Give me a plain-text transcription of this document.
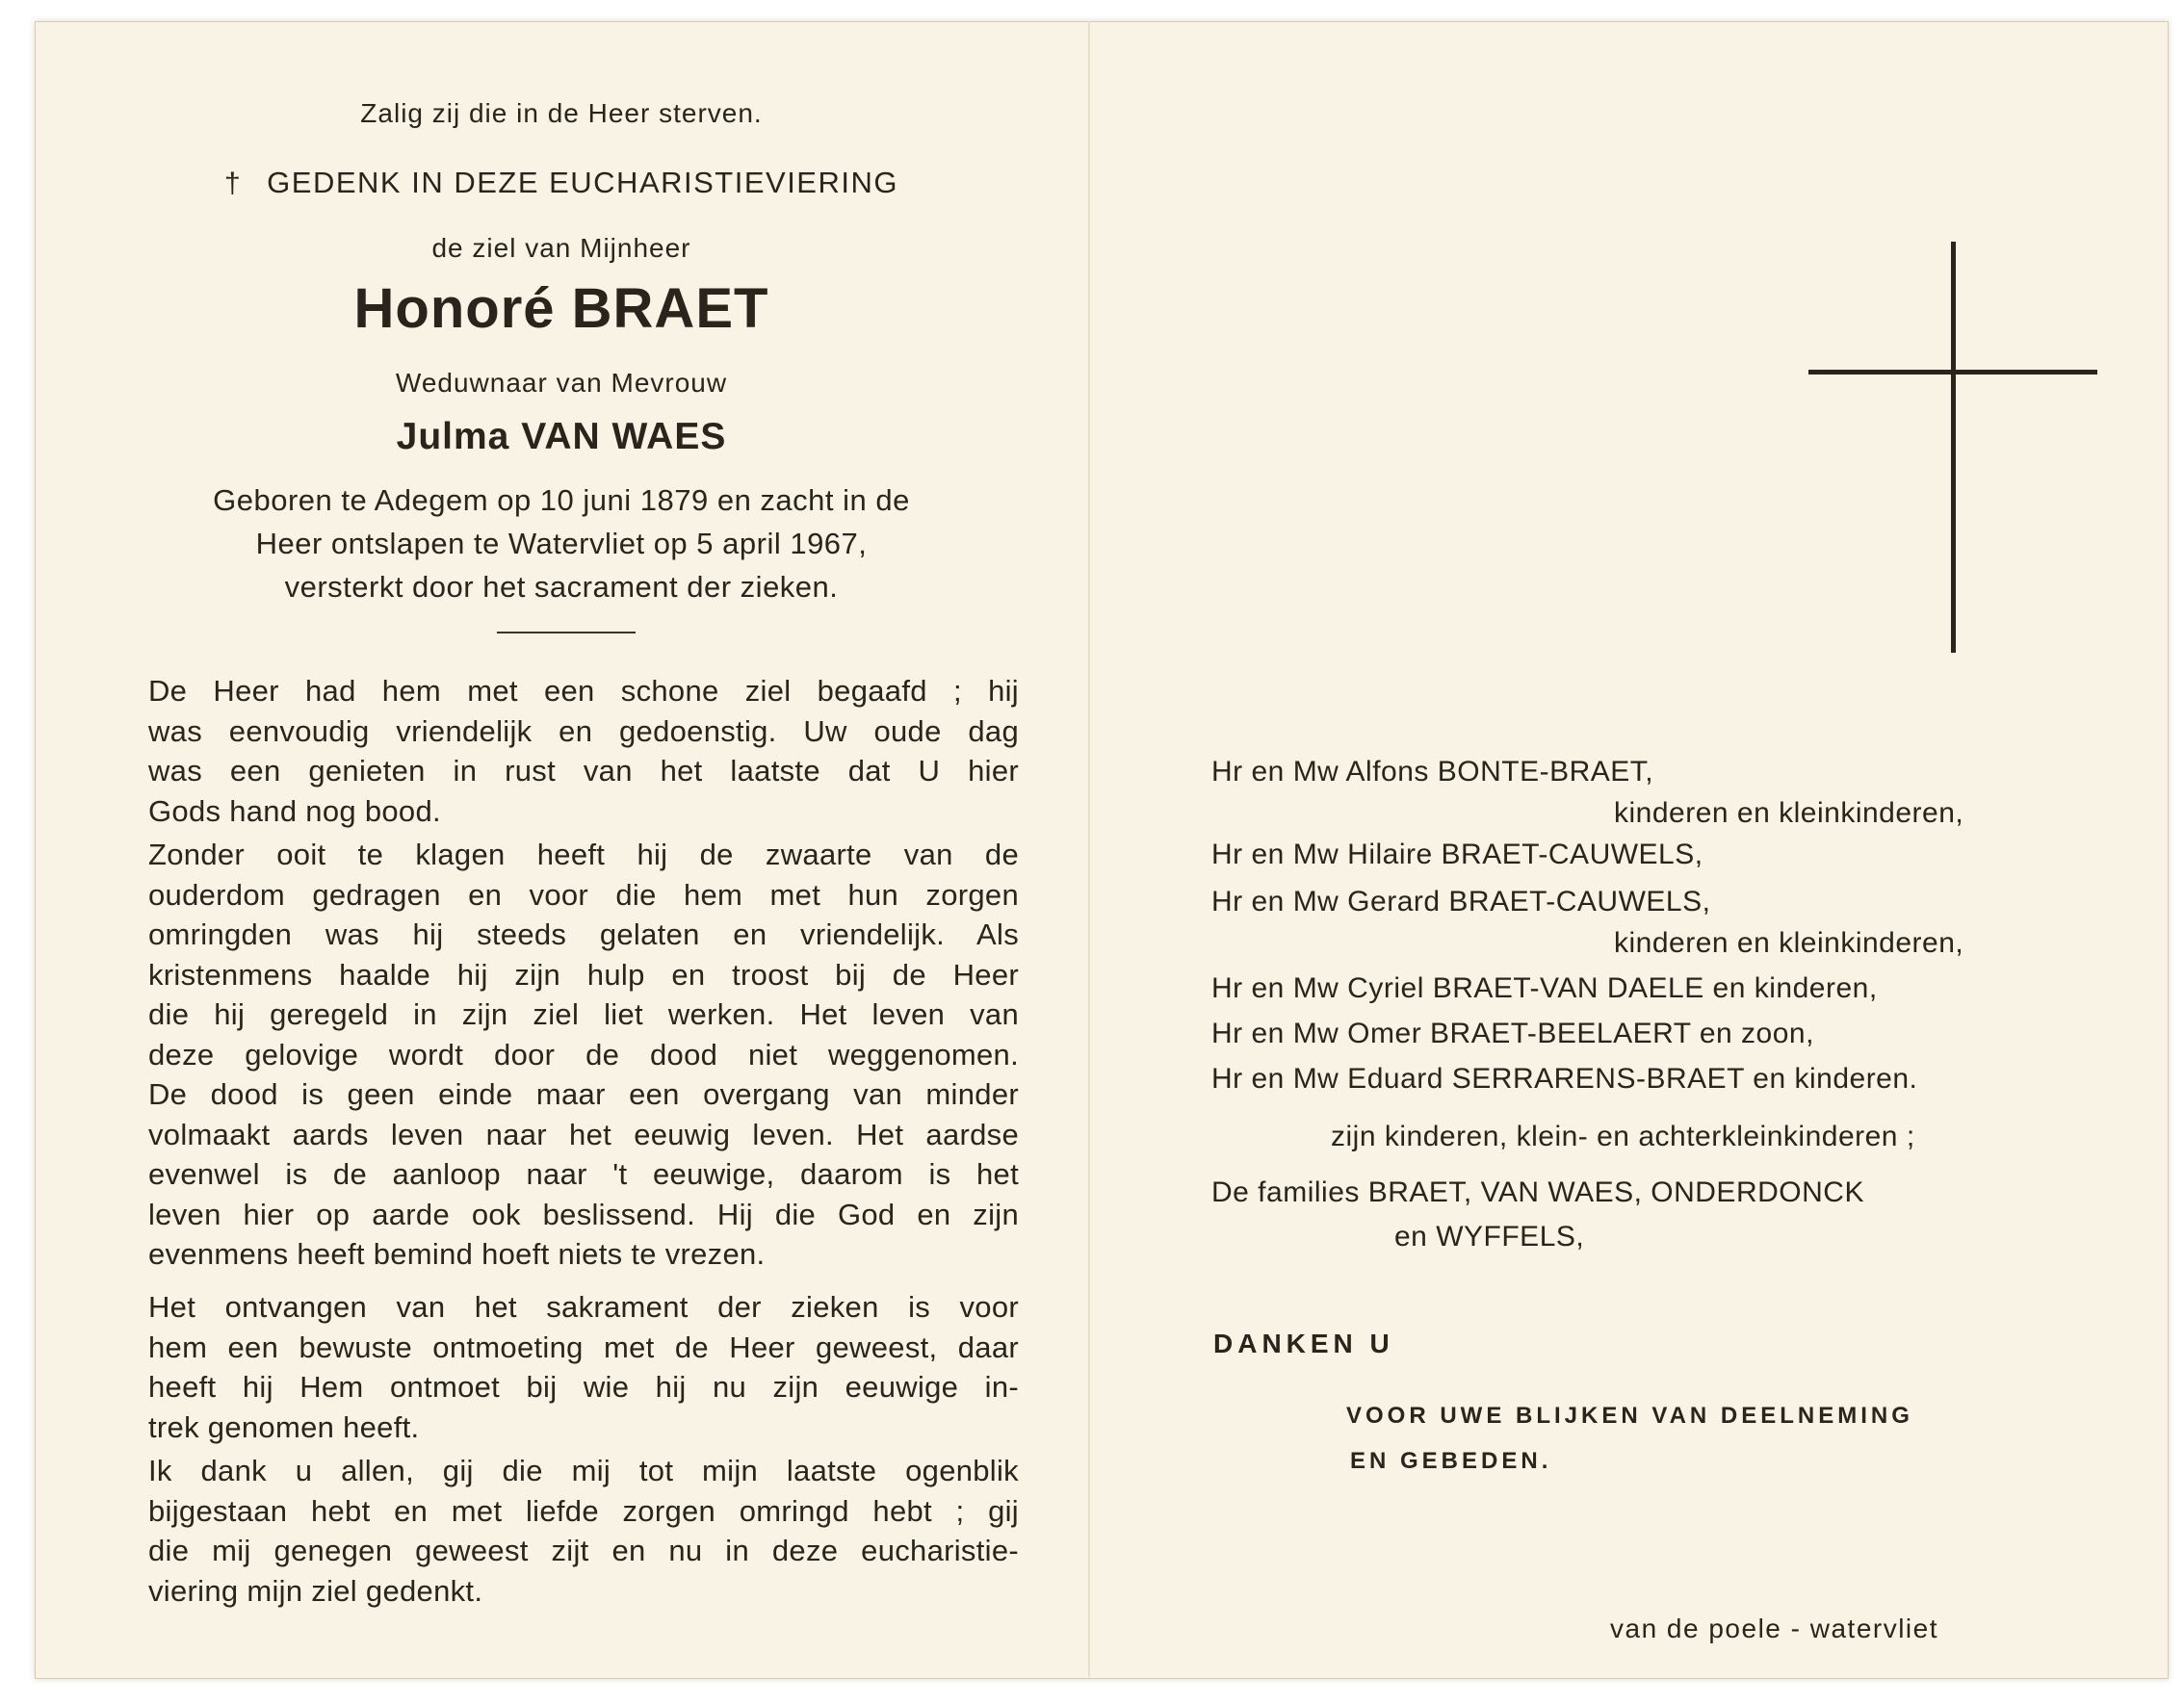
Zalig zij die in de Heer sterven.
† GEDENK IN DEZE EUCHARISTIEVIERING
de ziel van Mijnheer
Honoré BRAET
Weduwnaar van Mevrouw
Julma VAN WAES
Geboren te Adegem op 10 juni 1879 en zacht in de
Heer ontslapen te Watervliet op 5 april 1967,
versterkt door het sacrament der zieken.
De Heer had hem met een schone ziel begaafd ; hij
was eenvoudig vriendelijk en gedoenstig. Uw oude dag
was een genieten in rust van het laatste dat U hier
Gods hand nog bood.
Zonder ooit te klagen heeft hij de zwaarte van de
ouderdom gedragen en voor die hem met hun zorgen
omringden was hij steeds gelaten en vriendelijk. Als
kristenmens haalde hij zijn hulp en troost bij de Heer
die hij geregeld in zijn ziel liet werken. Het leven van
deze gelovige wordt door de dood niet weggenomen.
De dood is geen einde maar een overgang van minder
volmaakt aards leven naar het eeuwig leven. Het aardse
evenwel is de aanloop naar 't eeuwige, daarom is het
leven hier op aarde ook beslissend. Hij die God en zijn
evenmens heeft bemind hoeft niets te vrezen.
Het ontvangen van het sakrament der zieken is voor
hem een bewuste ontmoeting met de Heer geweest, daar
heeft hij Hem ontmoet bij wie hij nu zijn eeuwige in-
trek genomen heeft.
Ik dank u allen, gij die mij tot mijn laatste ogenblik
bijgestaan hebt en met liefde zorgen omringd hebt ; gij
die mij genegen geweest zijt en nu in deze eucharistie-
viering mijn ziel gedenkt.
Hr en Mw Alfons BONTE-BRAET,
kinderen en kleinkinderen,
Hr en Mw Hilaire BRAET-CAUWELS,
Hr en Mw Gerard BRAET-CAUWELS,
kinderen en kleinkinderen,
Hr en Mw Cyriel BRAET-VAN DAELE en kinderen,
Hr en Mw Omer BRAET-BEELAERT en zoon,
Hr en Mw Eduard SERRARENS-BRAET en kinderen.
zijn kinderen, klein- en achterkleinkinderen ;
De families BRAET, VAN WAES, ONDERDONCK
en WYFFELS,
DANKEN U
VOOR UWE BLIJKEN VAN DEELNEMING
EN GEBEDEN.
van de poele - watervliet
